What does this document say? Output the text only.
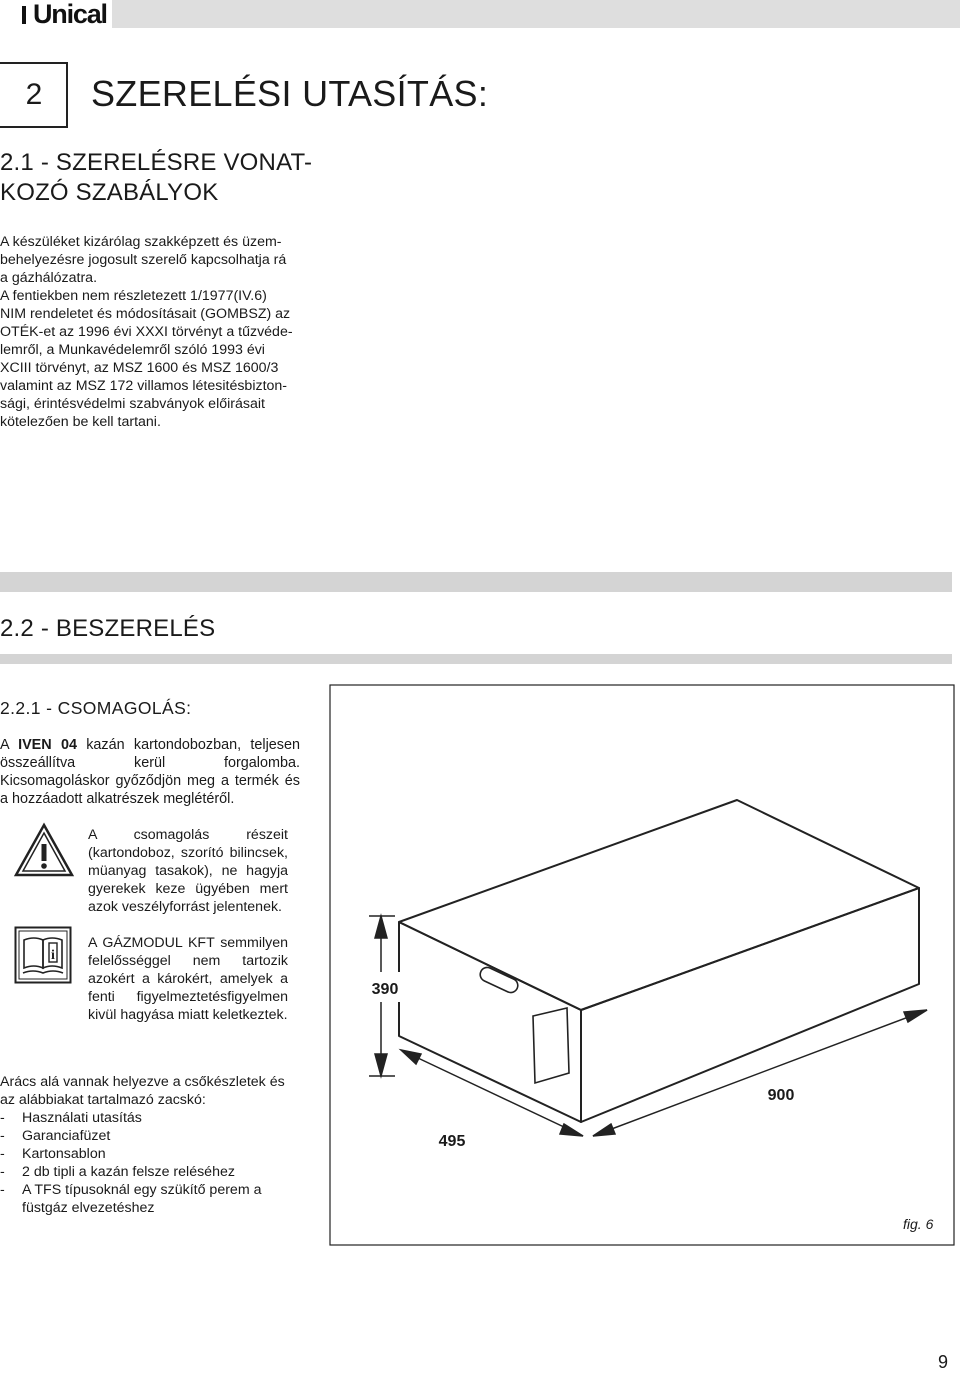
Unical
2	SZERELÉSI UTASÍTÁS:
2.1 - SZERELÉSRE VONAT-
KOZÓ SZABÁLYOK

A készüléket kizárólag szakképzett és üzem-

behelyezésre jogosult szerelő kapcsolhatja rá

a gázhálózatra.

A fentiekben nem részletezett 1/1977(IV.6)

NIM rendeletet és módosításait (GOMBSZ) az

OTÉK-et az 1996 évi XXXI törvényt a tűzvéde-

lemről, a Munkavédelemről szóló 1993 évi

XCIII törvényt, az MSZ 1600 és MSZ 1600/3

valamint az MSZ 172 villamos létesitésbizton-

sági, érintésvédelmi szabványok előirásait

kötelezően be kell tartani.

2.2 - BESZERELÉS
2.2.1 - CSOMAGOLÁS:
A IVEN 04 kazán kartondobozban, teljesen összeállítva kerül forgalomba. Kicsomagoláskor győződjön meg a termék és a hozzáadott alkatrészek meglétéről.
A csomagolás részeit (kartondoboz, szorító bilincsek, müanyag tasakok), ne hagyja gyerekek keze ügyében mert azok veszélyforrást jelentenek.
i
A GÁZMODUL KFT semmilyen felelősséggel nem tartozik azokért a károkért, amelyek a fenti figyelmeztetésfigyelmen kivül hagyása miatt keletkeztek.
Arács alá vannak helyezve a csőkészletek és az alábbiakat tartalmazó zacskó:
- Használati utasítás
- Garanciafüzet
- Kartonsablon
- 2 db tipli a kazán felsze reléséhez
- A TFS típusoknál egy szükítő perem a füstgáz elvezetéshez
390
495
900
fig. 6
9
